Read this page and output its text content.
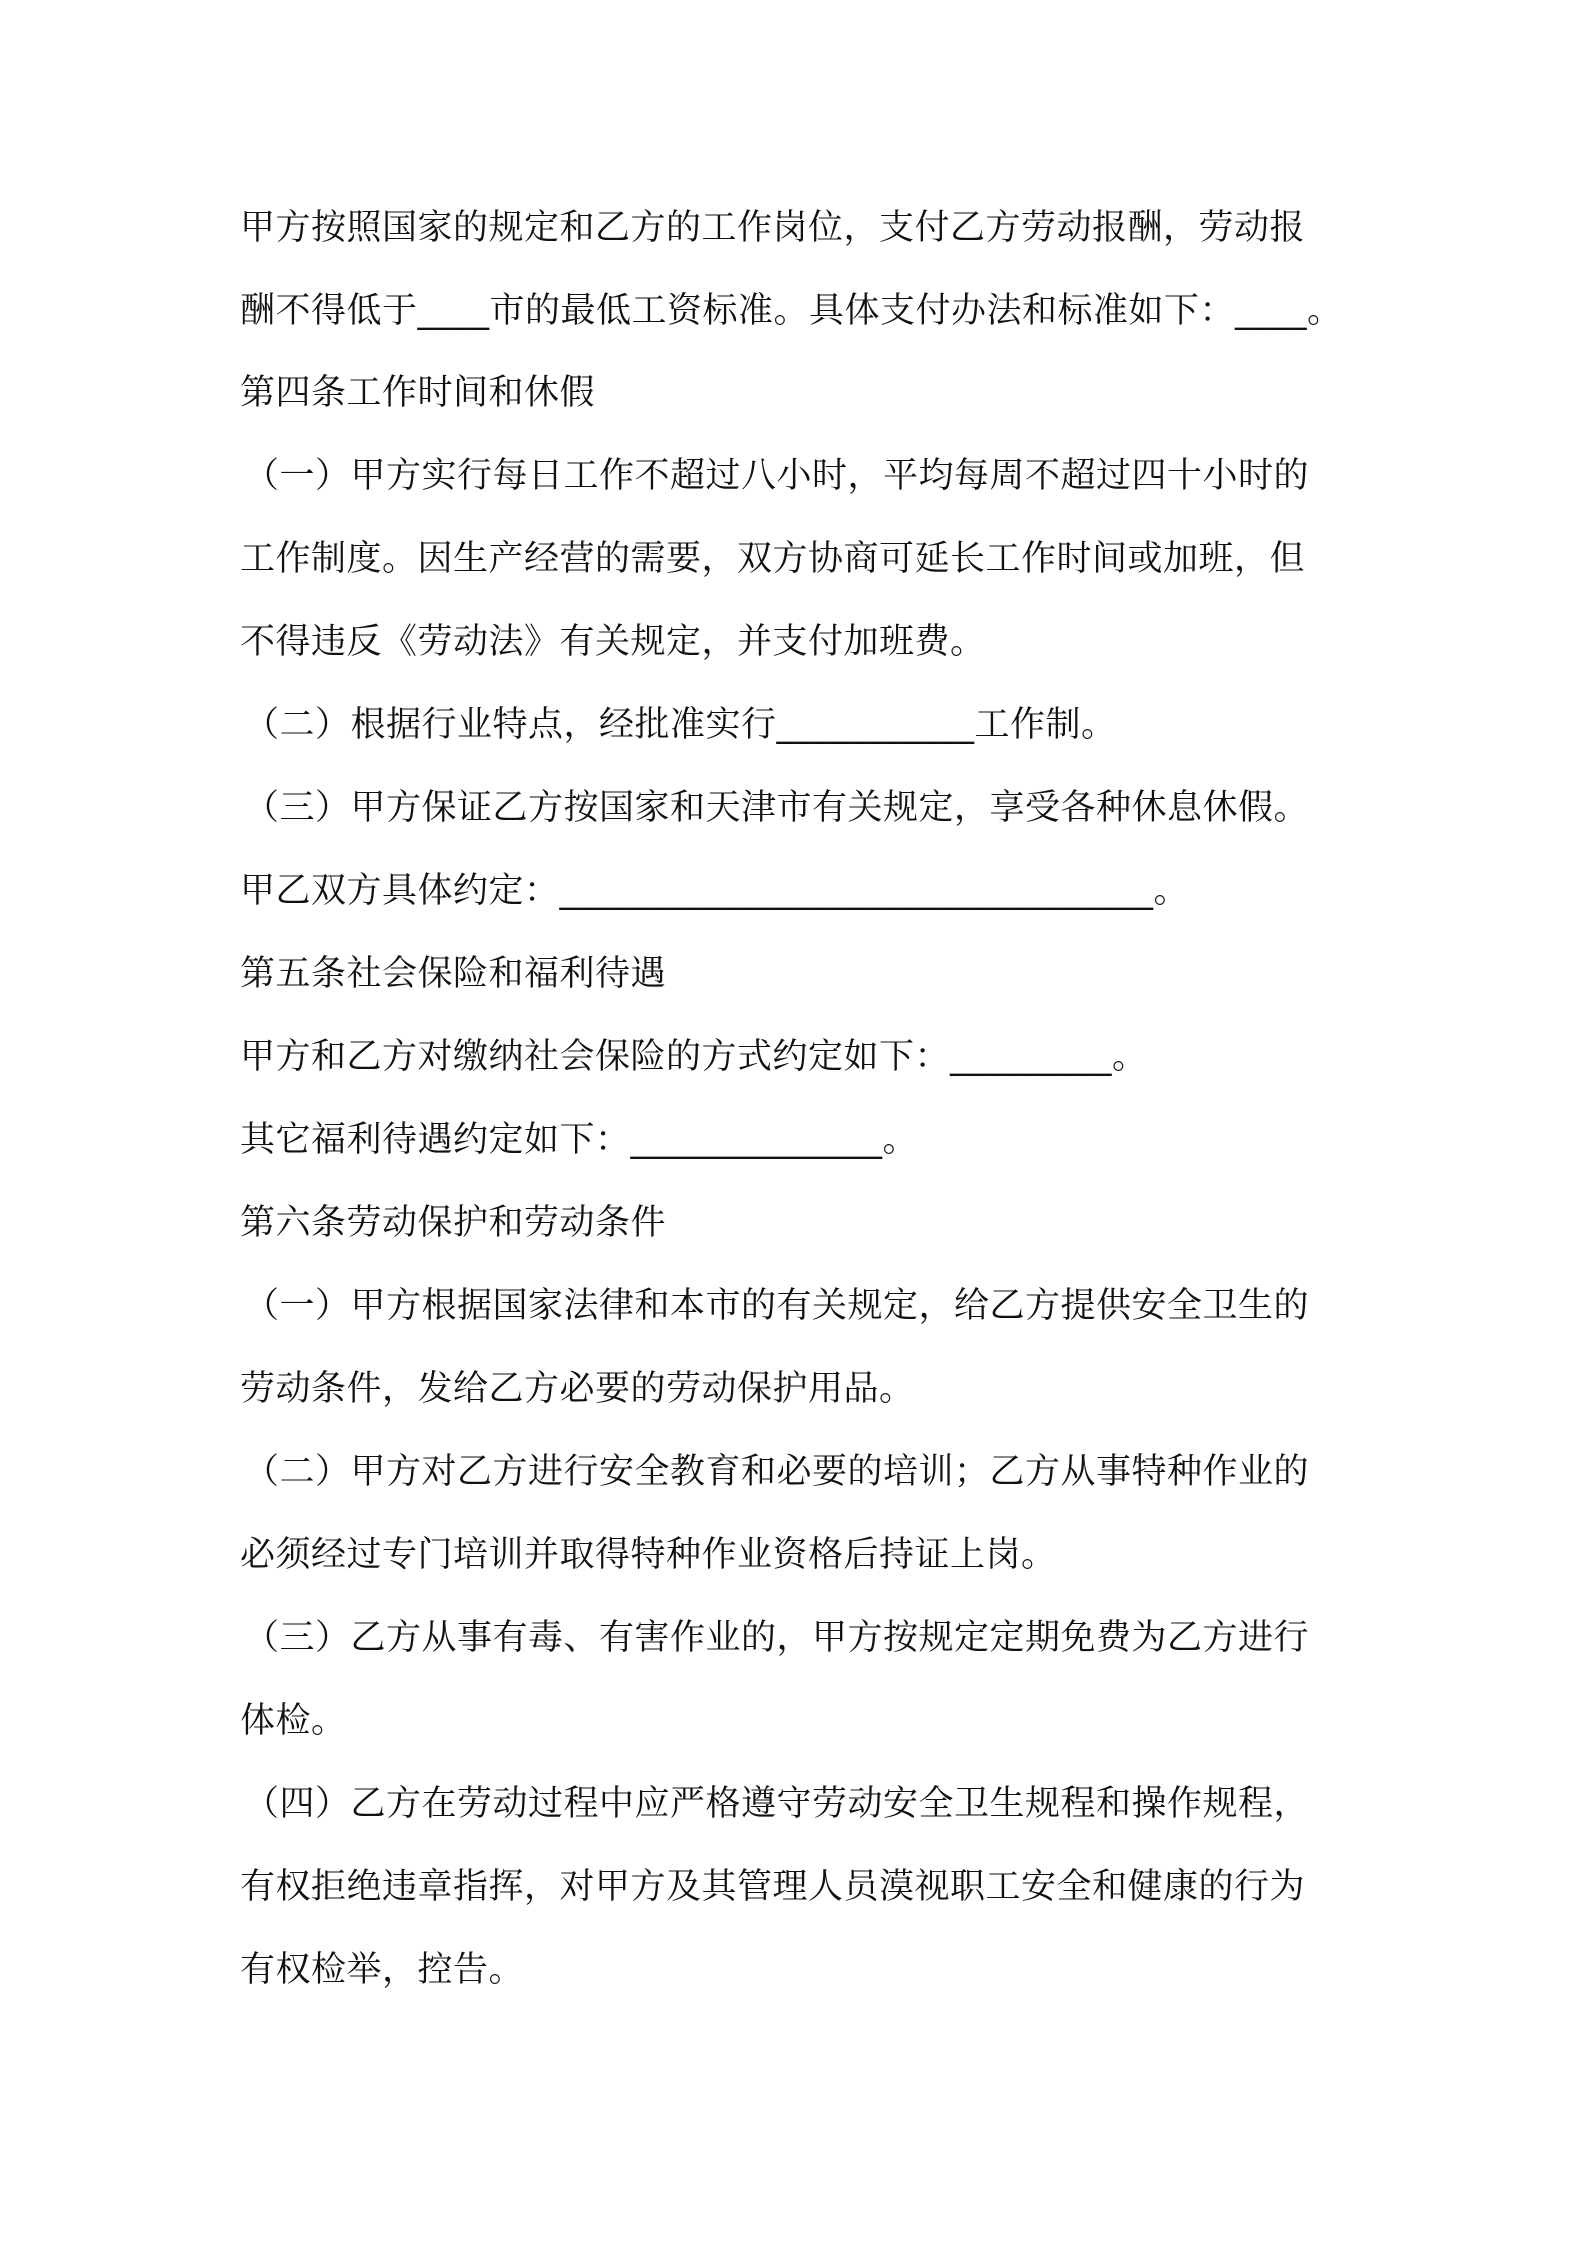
甲方按照国家的规定和乙方的工作岗位，支付乙方劳动报酬，劳动报
酬不得低于____市的最低工资标准。具体支付办法和标准如下：____。
第四条工作时间和休假
（一）甲方实行每日工作不超过八小时，平均每周不超过四十小时的
工作制度。因生产经营的需要，双方协商可延长工作时间或加班，但
不得违反《劳动法》有关规定，并支付加班费。
（二）根据行业特点，经批准实行___________工作制。
（三）甲方保证乙方按国家和天津市有关规定，享受各种休息休假。
甲乙双方具体约定：_________________________________。
第五条社会保险和福利待遇
甲方和乙方对缴纳社会保险的方式约定如下：_________。
其它福利待遇约定如下：______________。
第六条劳动保护和劳动条件
（一）甲方根据国家法律和本市的有关规定，给乙方提供安全卫生的
劳动条件，发给乙方必要的劳动保护用品。
（二）甲方对乙方进行安全教育和必要的培训；乙方从事特种作业的
必须经过专门培训并取得特种作业资格后持证上岗。
（三）乙方从事有毒、有害作业的，甲方按规定定期免费为乙方进行
体检。
（四）乙方在劳动过程中应严格遵守劳动安全卫生规程和操作规程，
有权拒绝违章指挥，对甲方及其管理人员漠视职工安全和健康的行为
有权检举，控告。
